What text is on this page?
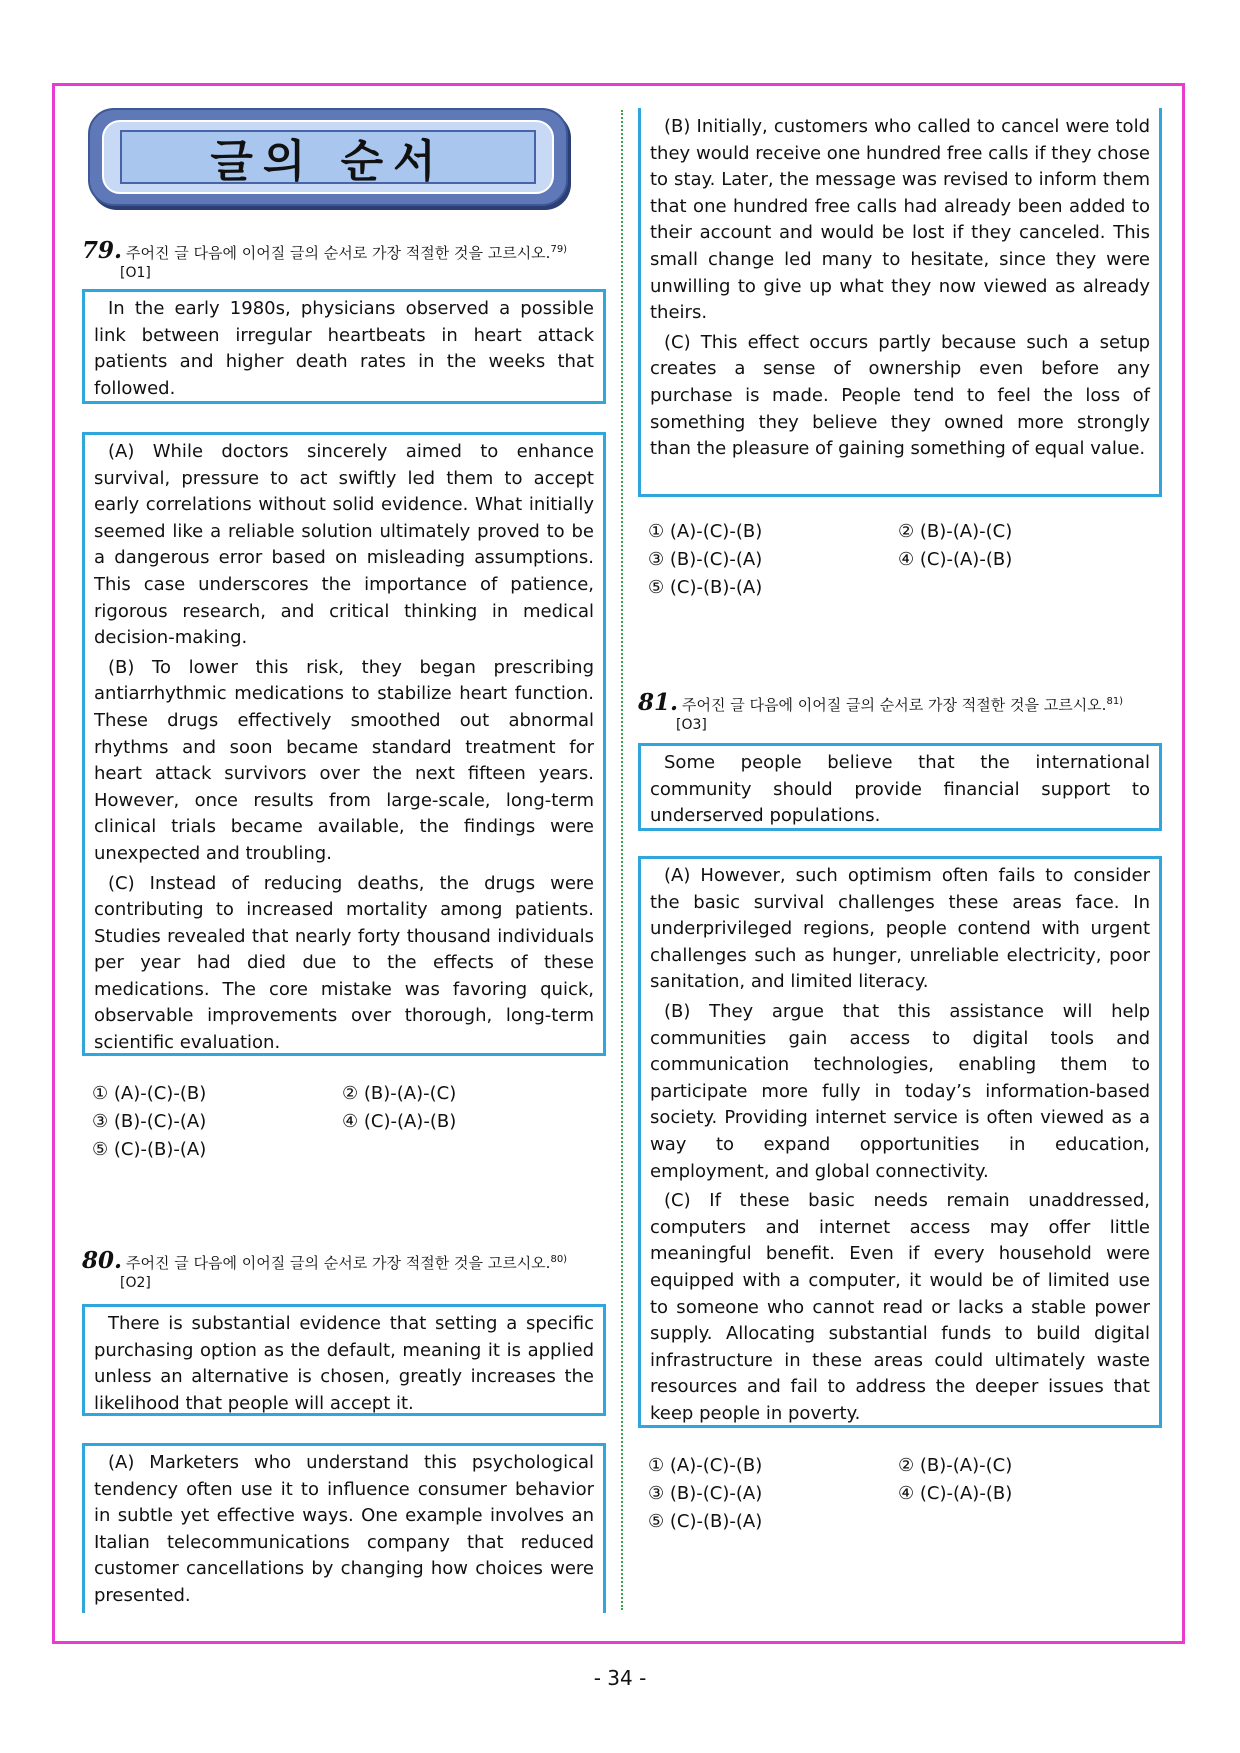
글의 순서
79. 주어진 글 다음에 이어질 글의 순서로 가장 적절한 것을 고르시오.$^{79)}$
[O1]

In the early 1980s, physicians observed a possible link between irregular heartbeats in heart attack patients and higher death rates in the weeks that followed.

(A) While doctors sincerely aimed to enhance survival, pressure to act swiftly led them to accept early correlations without solid evidence. What initially seemed like a reliable solution ultimately proved to be a dangerous error based on misleading assumptions. This case underscores the importance of patience, rigorous research, and critical thinking in medical decision-making.

(B) To lower this risk, they began prescribing antiarrhythmic medications to stabilize heart function. These drugs effectively smoothed out abnormal rhythms and soon became standard treatment for heart attack survivors over the next fifteen years. However, once results from large-scale, long-term clinical trials became available, the findings were unexpected and troubling.

(C) Instead of reducing deaths, the drugs were contributing to increased mortality among patients. Studies revealed that nearly forty thousand individuals per year had died due to the effects of these medications. The core mistake was favoring quick, observable improvements over thorough, long-term scientific evaluation.

① (A)-(C)-(B)	② (B)-(A)-(C)
③ (B)-(C)-(A)	④ (C)-(A)-(B)
⑤ (C)-(B)-(A)
80. 주어진 글 다음에 이어질 글의 순서로 가장 적절한 것을 고르시오.$^{80)}$
[O2]

There is substantial evidence that setting a specific purchasing option as the default, meaning it is applied unless an alternative is chosen, greatly increases the likelihood that people will accept it.

(A) Marketers who understand this psychological tendency often use it to influence consumer behavior in subtle yet effective ways. One example involves an Italian telecommunications company that reduced customer cancellations by changing how choices were presented.

(B) Initially, customers who called to cancel were told they would receive one hundred free calls if they chose to stay. Later, the message was revised to inform them that one hundred free calls had already been added to their account and would be lost if they canceled. This small change led many to hesitate, since they were unwilling to give up what they now viewed as already theirs.

(C) This effect occurs partly because such a setup creates a sense of ownership even before any purchase is made. People tend to feel the loss of something they believe they owned more strongly than the pleasure of gaining something of equal value.

① (A)-(C)-(B)	② (B)-(A)-(C)
③ (B)-(C)-(A)	④ (C)-(A)-(B)
⑤ (C)-(B)-(A)
81. 주어진 글 다음에 이어질 글의 순서로 가장 적절한 것을 고르시오.$^{81)}$
[O3]

Some people believe that the international community should provide financial support to underserved populations.

(A) However, such optimism often fails to consider the basic survival challenges these areas face. In underprivileged regions, people contend with urgent challenges such as hunger, unreliable electricity, poor sanitation, and limited literacy.

(B) They argue that this assistance will help communities gain access to digital tools and communication technologies, enabling them to participate more fully in today’s information-based society. Providing internet service is often viewed as a way to expand opportunities in education, employment, and global connectivity.

(C) If these basic needs remain unaddressed, computers and internet access may offer little meaningful benefit. Even if every household were equipped with a computer, it would be of limited use to someone who cannot read or lacks a stable power supply. Allocating substantial funds to build digital infrastructure in these areas could ultimately waste resources and fail to address the deeper issues that keep people in poverty.

① (A)-(C)-(B)	② (B)-(A)-(C)
③ (B)-(C)-(A)	④ (C)-(A)-(B)
⑤ (C)-(B)-(A)
- 34 -
